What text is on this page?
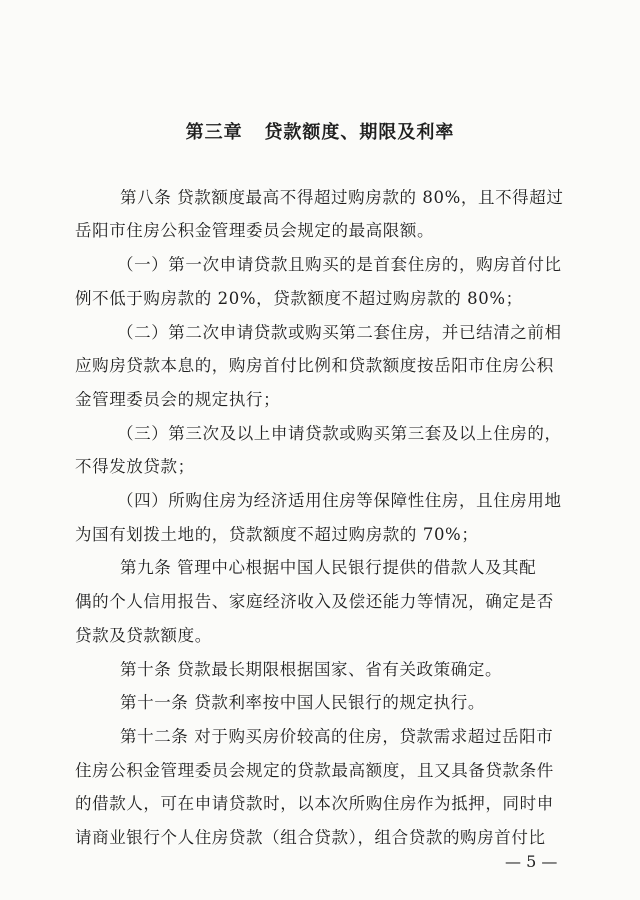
第三章   贷款额度、期限及利率
第八条 贷款额度最高不得超过购房款的 80%，且不得超过
岳阳市住房公积金管理委员会规定的最高限额。
（一）第一次申请贷款且购买的是首套住房的，购房首付比
例不低于购房款的 20%，贷款额度不超过购房款的 80%；
（二）第二次申请贷款或购买第二套住房，并已结清之前相
应购房贷款本息的，购房首付比例和贷款额度按岳阳市住房公积
金管理委员会的规定执行；
（三）第三次及以上申请贷款或购买第三套及以上住房的，
不得发放贷款；
（四）所购住房为经济适用住房等保障性住房，且住房用地
为国有划拨土地的，贷款额度不超过购房款的 70%；
第九条 管理中心根据中国人民银行提供的借款人及其配
偶的个人信用报告、家庭经济收入及偿还能力等情况，确定是否
贷款及贷款额度。
第十条 贷款最长期限根据国家、省有关政策确定。
第十一条 贷款利率按中国人民银行的规定执行。
第十二条 对于购买房价较高的住房，贷款需求超过岳阳市
住房公积金管理委员会规定的贷款最高额度，且又具备贷款条件
的借款人，可在申请贷款时，以本次所购住房作为抵押，同时申
请商业银行个人住房贷款（组合贷款），组合贷款的购房首付比
— 5 —
